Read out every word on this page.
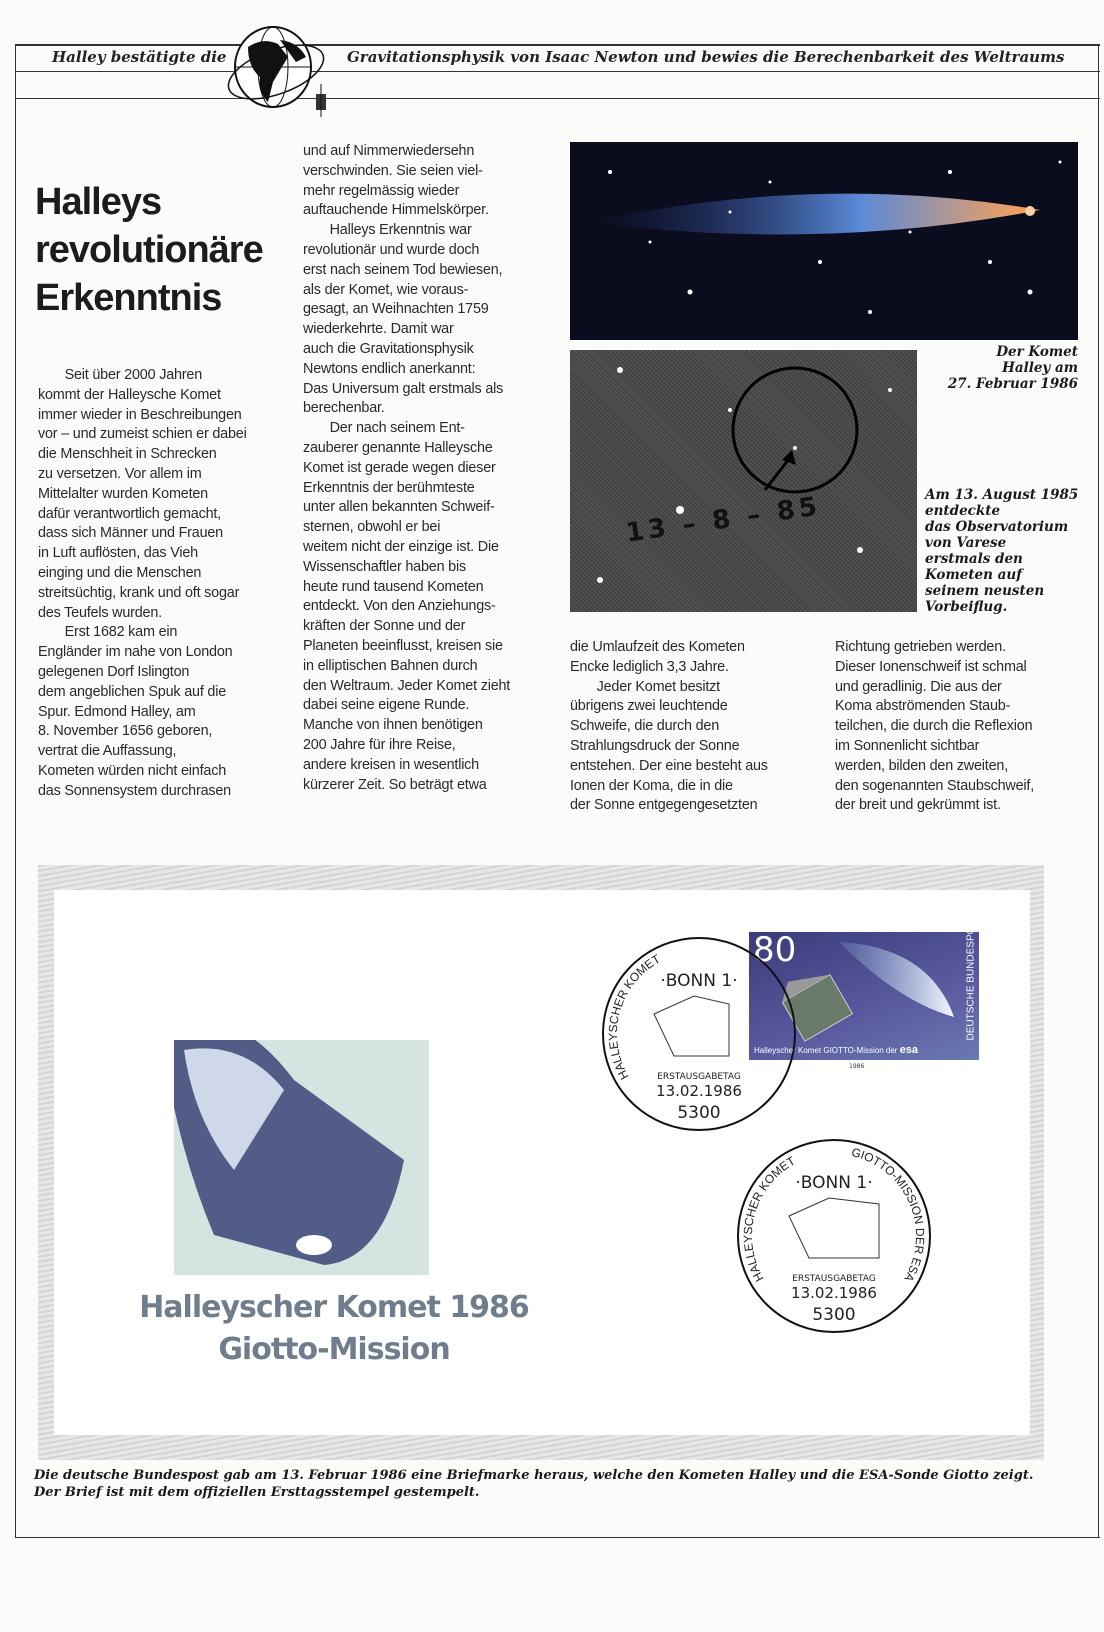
Halley bestätigte die	Gravitationsphysik von Isaac Newton und bewies die Berechenbarkeit des Weltraums
Halleys
revolutionäre
Erkenntnis
Seit über 2000 Jahren
kommt der Halleysche Komet
immer wieder in Beschreibungen
vor – und zumeist schien er dabei
die Menschheit in Schrecken
zu versetzen. Vor allem im
Mittelalter wurden Kometen
dafür verantwortlich gemacht,
dass sich Männer und Frauen
in Luft auflösten, das Vieh
einging und die Menschen
streitsüchtig, krank und oft sogar
des Teufels wurden.
Erst 1682 kam ein
Engländer im nahe von London
gelegenen Dorf Islington
dem angeblichen Spuk auf die
Spur. Edmond Halley, am
8. November 1656 geboren,
vertrat die Auffassung,
Kometen würden nicht einfach
das Sonnensystem durchrasen
und auf Nimmerwiedersehn
verschwinden. Sie seien viel-
mehr regelmässig wieder
auftauchende Himmelskörper.
Halleys Erkenntnis war
revolutionär und wurde doch
erst nach seinem Tod bewiesen,
als der Komet, wie voraus-
gesagt, an Weihnachten 1759
wiederkehrte. Damit war
auch die Gravitationsphysik
Newtons endlich anerkannt:
Das Universum galt erstmals als
berechenbar.
Der nach seinem Ent-
zauberer genannte Halleysche
Komet ist gerade wegen dieser
Erkenntnis der berühmteste
unter allen bekannten Schweif-
sternen, obwohl er bei
weitem nicht der einzige ist. Die
Wissenschaftler haben bis
heute rund tausend Kometen
entdeckt. Von den Anziehungs-
kräften der Sonne und der
Planeten beeinflusst, kreisen sie
in elliptischen Bahnen durch
den Weltraum. Jeder Komet zieht
dabei seine eigene Runde.
Manche von ihnen benötigen
200 Jahre für ihre Reise,
andere kreisen in wesentlich
kürzerer Zeit. So beträgt etwa
die Umlaufzeit des Kometen
Encke lediglich 3,3 Jahre.
Jeder Komet besitzt
übrigens zwei leuchtende
Schweife, die durch den
Strahlungsdruck der Sonne
entstehen. Der eine besteht aus
Ionen der Koma, die in die
der Sonne entgegengesetzten
Richtung getrieben werden.
Dieser Ionenschweif ist schmal
und geradlinig. Die aus der
Koma abströmenden Staub-
teilchen, die durch die Reflexion
im Sonnenlicht sichtbar
werden, bilden den zweiten,
den sogenannten Staubschweif,
der breit und gekrümmt ist.
Der Komet
Halley am
27. Februar 1986
13 – 8 – 85	Am 13. August 1985
entdeckte
das Observatorium
von Varese
erstmals den
Kometen auf
seinem neusten
Vorbeiflug.
Halleyscher Komet 1986
Giotto-Mission
80	DEUTSCHE BUNDESPOST
Halleyscher Komet GIOTTO-Mission der esa
1986
HALLEYSCHER KOMET
·BONN 1·
ERSTAUSGABETAG
13.02.1986
5300
HALLEYSCHER KOMET
GIOTTO-MISSION DER ESA
·BONN 1·
ERSTAUSGABETAG
13.02.1986
5300
Die deutsche Bundespost gab am 13. Februar 1986 eine Briefmarke heraus, welche den Kometen Halley und die ESA-Sonde Giotto zeigt.
Der Brief ist mit dem offiziellen Ersttagsstempel gestempelt.
